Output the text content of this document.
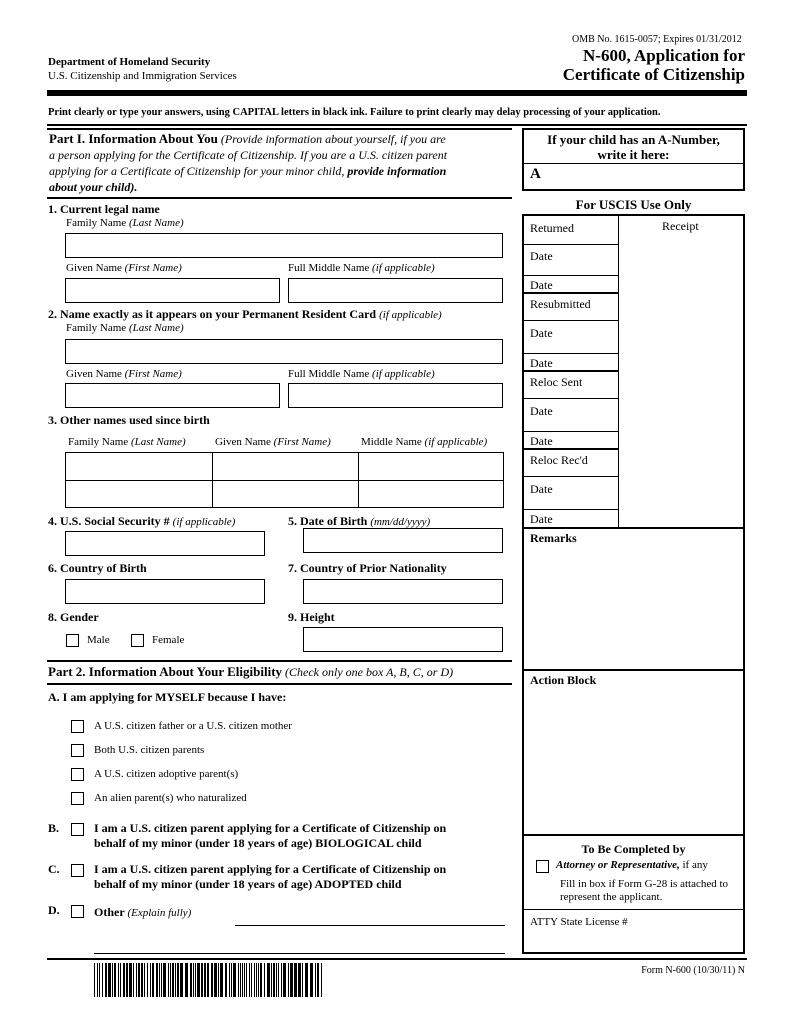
OMB No. 1615-0057; Expires 01/31/2012
Department of Homeland Security
U.S. Citizenship and Immigration Services
N-600, Application for
Certificate of Citizenship
Print clearly or type your answers, using CAPITAL letters in black ink. Failure to print clearly may delay processing of your application.
Part I. Information About You (Provide information about yourself, if you are
a person applying for the Certificate of Citizenship. If you are a U.S. citizen parent
applying for a Certificate of Citizenship for your minor child, provide information
about your child).
1. Current legal name
Family Name (Last Name)
Given Name (First Name)	Full Middle Name (if applicable)
2. Name exactly as it appears on your Permanent Resident Card (if applicable)
Family Name (Last Name)
Given Name (First Name)	Full Middle Name (if applicable)
3. Other names used since birth
Family Name (Last Name)	Given Name (First Name)	Middle Name (if applicable)
4. U.S. Social Security # (if applicable)	5. Date of Birth (mm/dd/yyyy)
6. Country of Birth	7. Country of Prior Nationality
8. Gender	9. Height
Male	Female
Part 2. Information About Your Eligibility (Check only one box A, B, C, or D)
A. I am applying for MYSELF because I have:
A U.S. citizen father or a U.S. citizen mother
Both U.S. citizen parents
A U.S. citizen adoptive parent(s)
An alien parent(s) who naturalized
B.	I am a U.S. citizen parent applying for a Certificate of Citizenship on
behalf of my minor (under 18 years of age) BIOLOGICAL child
C.	I am a U.S. citizen parent applying for a Certificate of Citizenship on
behalf of my minor (under 18 years of age) ADOPTED child
D.	Other (Explain fully)
If your child has an A-Number,
write it here:
A
For USCIS Use Only
Receipt
Returned
Date
Date
Resubmitted
Date
Date
Reloc Sent
Date
Date
Reloc Rec'd
Date
Date
Remarks
Action Block
To Be Completed by
Attorney or Representative, if any
Fill in box if Form G-28 is attached to
represent the applicant.
ATTY State License #
Form N-600 (10/30/11) N
